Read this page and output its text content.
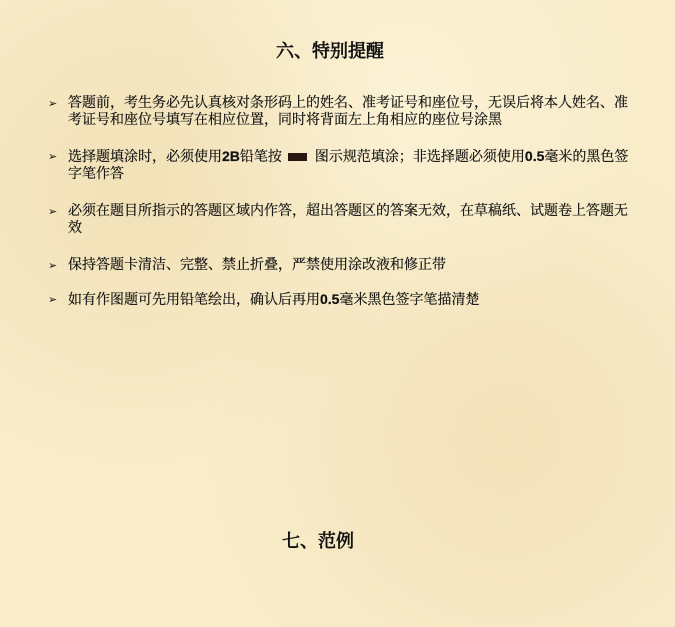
六、特别提醒
➢ 答题前，考生务必先认真核对条形码上的姓名、准考证号和座位号，无误后将本人姓名、准考证号和座位号填写在相应位置，同时将背面左上角相应的座位号涂黑
➢ 选择题填涂时，必须使用2B铅笔按 图示规范填涂；非选择题必须使用0.5毫米的黑色签字笔作答
➢ 必须在题目所指示的答题区域内作答，超出答题区的答案无效，在草稿纸、试题卷上答题无效
➢ 保持答题卡清洁、完整、禁止折叠，严禁使用涂改液和修正带
➢ 如有作图题可先用铅笔绘出，确认后再用0.5毫米黑色签字笔描清楚
七、范例
